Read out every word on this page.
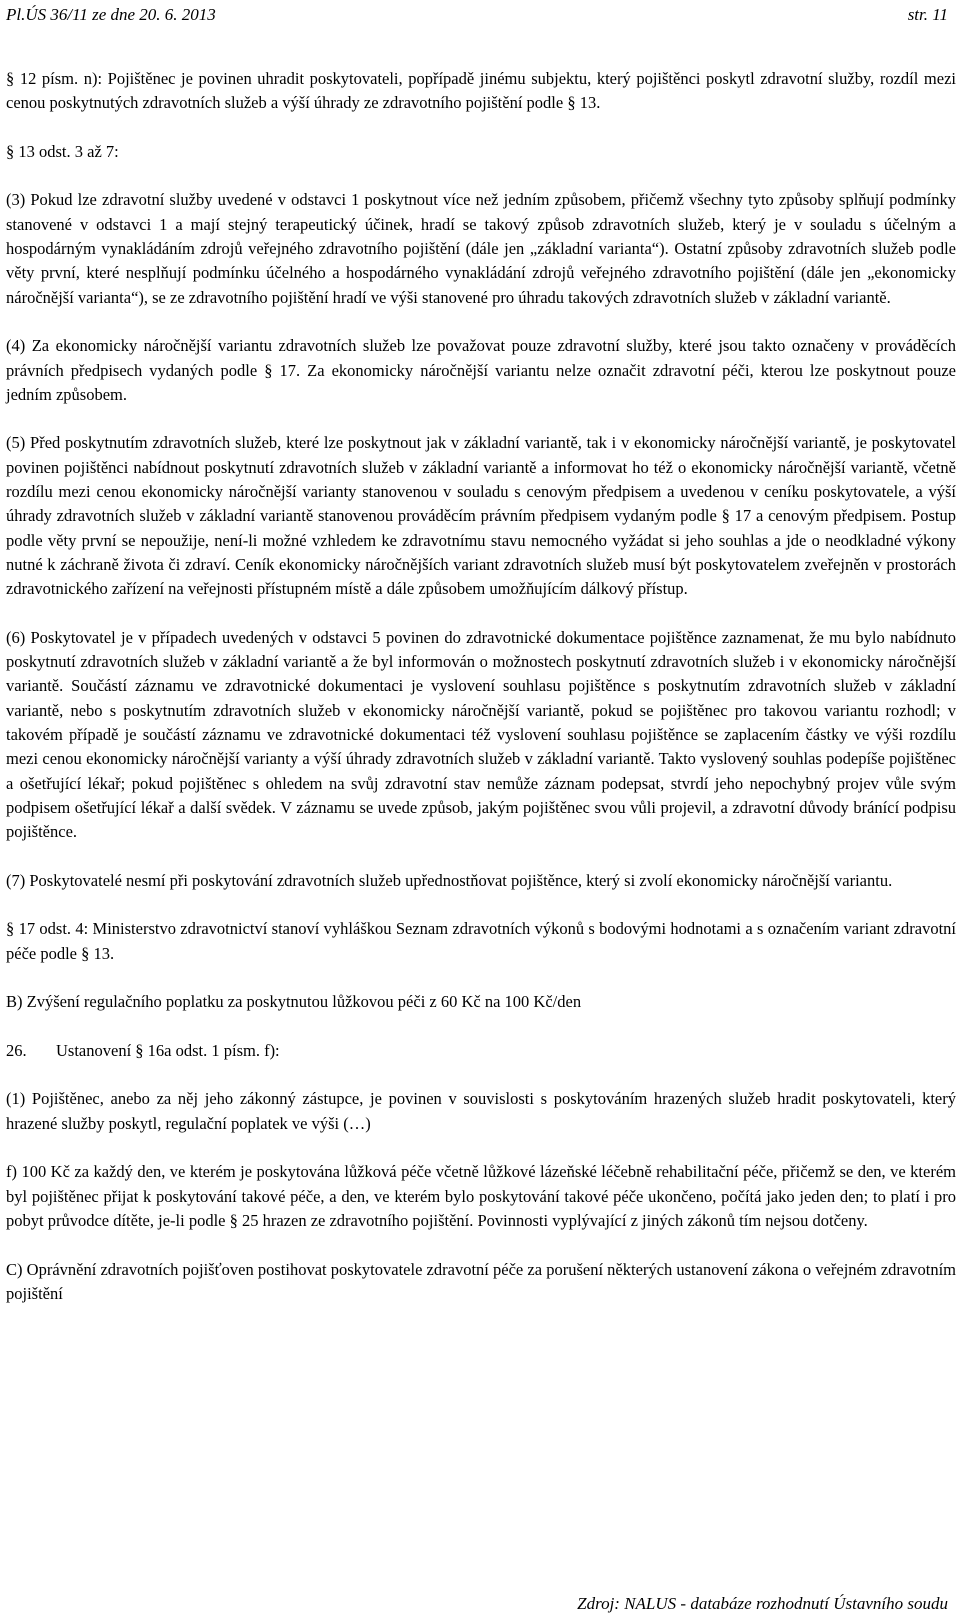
Pl.ÚS 36/11 ze dne 20. 6. 2013	str. 11

§ 12 písm. n): Pojištěnec je povinen uhradit poskytovateli, popřípadě jinému subjektu, který pojištěnci poskytl zdravotní služby, rozdíl mezi cenou poskytnutých zdravotních služeb a výší úhrady ze zdravotního pojištění podle § 13.

§ 13 odst. 3 až 7:

(3) Pokud lze zdravotní služby uvedené v odstavci 1 poskytnout více než jedním způsobem, přičemž všechny tyto způsoby splňují podmínky stanovené v odstavci 1 a mají stejný terapeutický účinek, hradí se takový způsob zdravotních služeb, který je v souladu s účelným a hospodárným vynakládáním zdrojů veřejného zdravotního pojištění (dále jen „základní varianta“). Ostatní způsoby zdravotních služeb podle věty první, které nesplňují podmínku účelného a hospodárného vynakládání zdrojů veřejného zdravotního pojištění (dále jen „ekonomicky náročnější varianta“), se ze zdravotního pojištění hradí ve výši stanovené pro úhradu takových zdravotních služeb v základní variantě.

(4) Za ekonomicky náročnější variantu zdravotních služeb lze považovat pouze zdravotní služby, které jsou takto označeny v prováděcích právních předpisech vydaných podle § 17. Za ekonomicky náročnější variantu nelze označit zdravotní péči, kterou lze poskytnout pouze jedním způsobem.

(5) Před poskytnutím zdravotních služeb, které lze poskytnout jak v základní variantě, tak i v ekonomicky náročnější variantě, je poskytovatel povinen pojištěnci nabídnout poskytnutí zdravotních služeb v základní variantě a informovat ho též o ekonomicky náročnější variantě, včetně rozdílu mezi cenou ekonomicky náročnější varianty stanovenou v souladu s cenovým předpisem a uvedenou v ceníku poskytovatele, a výší úhrady zdravotních služeb v základní variantě stanovenou prováděcím právním předpisem vydaným podle § 17 a cenovým předpisem. Postup podle věty první se nepoužije, není-li možné vzhledem ke zdravotnímu stavu nemocného vyžádat si jeho souhlas a jde o neodkladné výkony nutné k záchraně života či zdraví. Ceník ekonomicky náročnějších variant zdravotních služeb musí být poskytovatelem zveřejněn v prostorách zdravotnického zařízení na veřejnosti přístupném místě a dále způsobem umožňujícím dálkový přístup.

(6) Poskytovatel je v případech uvedených v odstavci 5 povinen do zdravotnické dokumentace pojištěnce zaznamenat, že mu bylo nabídnuto poskytnutí zdravotních služeb v základní variantě a že byl informován o možnostech poskytnutí zdravotních služeb i v ekonomicky náročnější variantě. Součástí záznamu ve zdravotnické dokumentaci je vyslovení souhlasu pojištěnce s poskytnutím zdravotních služeb v základní variantě, nebo s poskytnutím zdravotních služeb v ekonomicky náročnější variantě, pokud se pojištěnec pro takovou variantu rozhodl; v takovém případě je součástí záznamu ve zdravotnické dokumentaci též vyslovení souhlasu pojištěnce se zaplacením částky ve výši rozdílu mezi cenou ekonomicky náročnější varianty a výší úhrady zdravotních služeb v základní variantě. Takto vyslovený souhlas podepíše pojištěnec a ošetřující lékař; pokud pojištěnec s ohledem na svůj zdravotní stav nemůže záznam podepsat, stvrdí jeho nepochybný projev vůle svým podpisem ošetřující lékař a další svědek. V záznamu se uvede způsob, jakým pojištěnec svou vůli projevil, a zdravotní důvody bránící podpisu pojištěnce.

(7) Poskytovatelé nesmí při poskytování zdravotních služeb upřednostňovat pojištěnce, který si zvolí ekonomicky náročnější variantu.

§ 17 odst. 4: Ministerstvo zdravotnictví stanoví vyhláškou Seznam zdravotních výkonů s bodovými hodnotami a s označením variant zdravotní péče podle § 13.

B) Zvýšení regulačního poplatku za poskytnutou lůžkovou péči z 60 Kč na 100 Kč/den

26. Ustanovení § 16a odst. 1 písm. f):

(1) Pojištěnec, anebo za něj jeho zákonný zástupce, je povinen v souvislosti s poskytováním hrazených služeb hradit poskytovateli, který hrazené služby poskytl, regulační poplatek ve výši (…)

f) 100 Kč za každý den, ve kterém je poskytována lůžková péče včetně lůžkové lázeňské léčebně rehabilitační péče, přičemž se den, ve kterém byl pojištěnec přijat k poskytování takové péče, a den, ve kterém bylo poskytování takové péče ukončeno, počítá jako jeden den; to platí i pro pobyt průvodce dítěte, je-li podle § 25 hrazen ze zdravotního pojištění. Povinnosti vyplývající z jiných zákonů tím nejsou dotčeny.

C) Oprávnění zdravotních pojišťoven postihovat poskytovatele zdravotní péče za porušení některých ustanovení zákona o veřejném zdravotním pojištění

Zdroj: NALUS - databáze rozhodnutí Ústavního soudu
